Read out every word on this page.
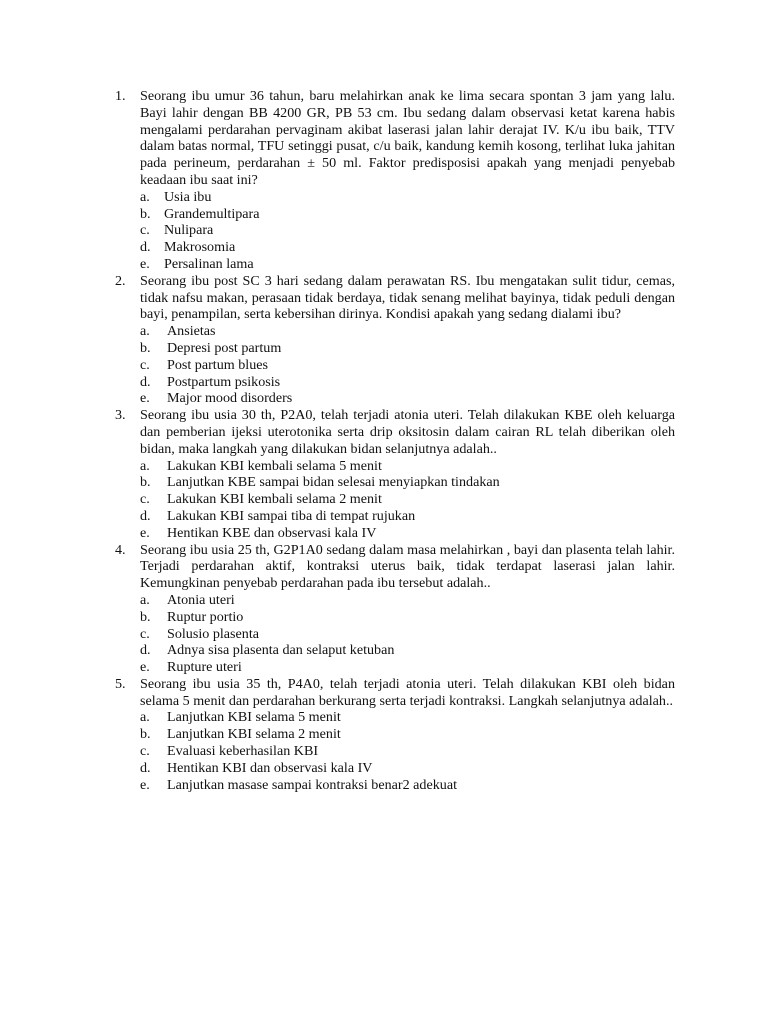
1. Seorang ibu umur 36 tahun, baru melahirkan anak ke lima secara spontan 3 jam yang lalu. Bayi lahir dengan BB 4200 GR, PB 53 cm. Ibu sedang dalam observasi ketat karena habis mengalami perdarahan pervaginam akibat laserasi jalan lahir derajat IV. K/u ibu baik, TTV dalam batas normal, TFU setinggi pusat, c/u baik, kandung kemih kosong, terlihat luka jahitan pada perineum, perdarahan ± 50 ml. Faktor predisposisi apakah yang menjadi penyebab keadaan ibu saat ini?

a. Usia ibu
b. Grandemultipara
c. Nulipara
d. Makrosomia
e. Persalinan lama
2. Seorang ibu post SC 3 hari sedang dalam perawatan RS. Ibu mengatakan sulit tidur, cemas, tidak nafsu makan, perasaan tidak berdaya, tidak senang melihat bayinya, tidak peduli dengan bayi, penampilan, serta kebersihan dirinya. Kondisi apakah yang sedang dialami ibu?

a. Ansietas
b. Depresi post partum
c. Post partum blues
d. Postpartum psikosis
e. Major mood disorders
3. Seorang ibu usia 30 th, P2A0, telah terjadi atonia uteri. Telah dilakukan KBE oleh keluarga dan pemberian ijeksi uterotonika serta drip oksitosin dalam cairan RL telah diberikan oleh bidan, maka langkah yang dilakukan bidan selanjutnya adalah..

a. Lakukan KBI kembali selama 5 menit
b. Lanjutkan KBE sampai bidan selesai menyiapkan tindakan
c. Lakukan KBI kembali selama 2 menit
d. Lakukan KBI sampai tiba di tempat rujukan
e. Hentikan KBE dan observasi kala IV
4. Seorang ibu usia 25 th, G2P1A0 sedang dalam masa melahirkan , bayi dan plasenta telah lahir. Terjadi perdarahan aktif, kontraksi uterus baik, tidak terdapat laserasi jalan lahir. Kemungkinan penyebab perdarahan pada ibu tersebut adalah..

a. Atonia uteri
b. Ruptur portio
c. Solusio plasenta
d. Adnya sisa plasenta dan selaput ketuban
e. Rupture uteri
5. Seorang ibu usia 35 th, P4A0, telah terjadi atonia uteri. Telah dilakukan KBI oleh bidan selama 5 menit dan perdarahan berkurang serta terjadi kontraksi. Langkah selanjutnya adalah..

a. Lanjutkan KBI selama 5 menit
b. Lanjutkan KBI selama 2 menit
c. Evaluasi keberhasilan KBI
d. Hentikan KBI dan observasi kala IV
e. Lanjutkan masase sampai kontraksi benar2 adekuat
